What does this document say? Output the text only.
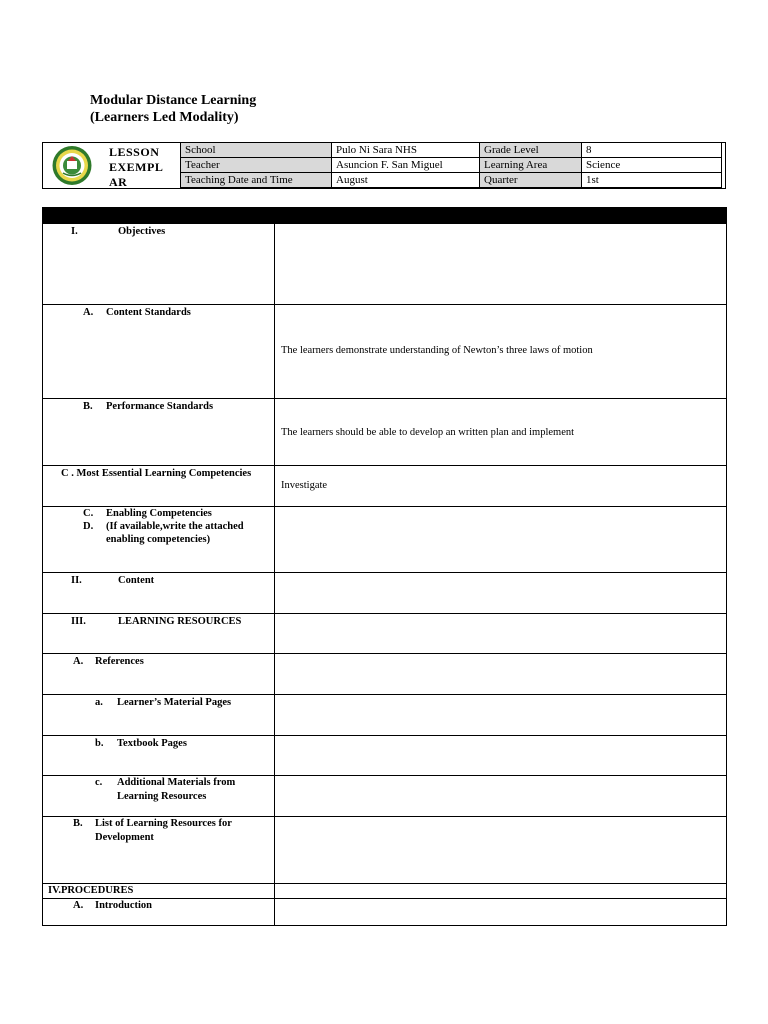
Modular Distance Learning
(Learners Led Modality)
LESSON
EXEMPL
AR
School	Pulo Ni Sara NHS	Grade Level	8
Teacher	Asuncion F. San Miguel	Learning Area	Science
Teaching Date and Time	August	Quarter	1st

I. Objectives	

A. Content Standards	The learners demonstrate understanding of Newton’s three laws of motion

B. Performance Standards	The learners should be able to develop an written plan and implement

C . Most Essential Learning Competencies	Investigate

C. Enabling Competencies
D. (If available,write the attached
enabling competencies)	

II. Content	

III. LEARNING RESOURCES	

A. References	

a. Learner’s Material Pages	

b. Textbook Pages	

c. Additional Materials from
Learning Resources	

B. List of Learning Resources for
Development	

IV.PROCEDURES	

A. Introduction	
